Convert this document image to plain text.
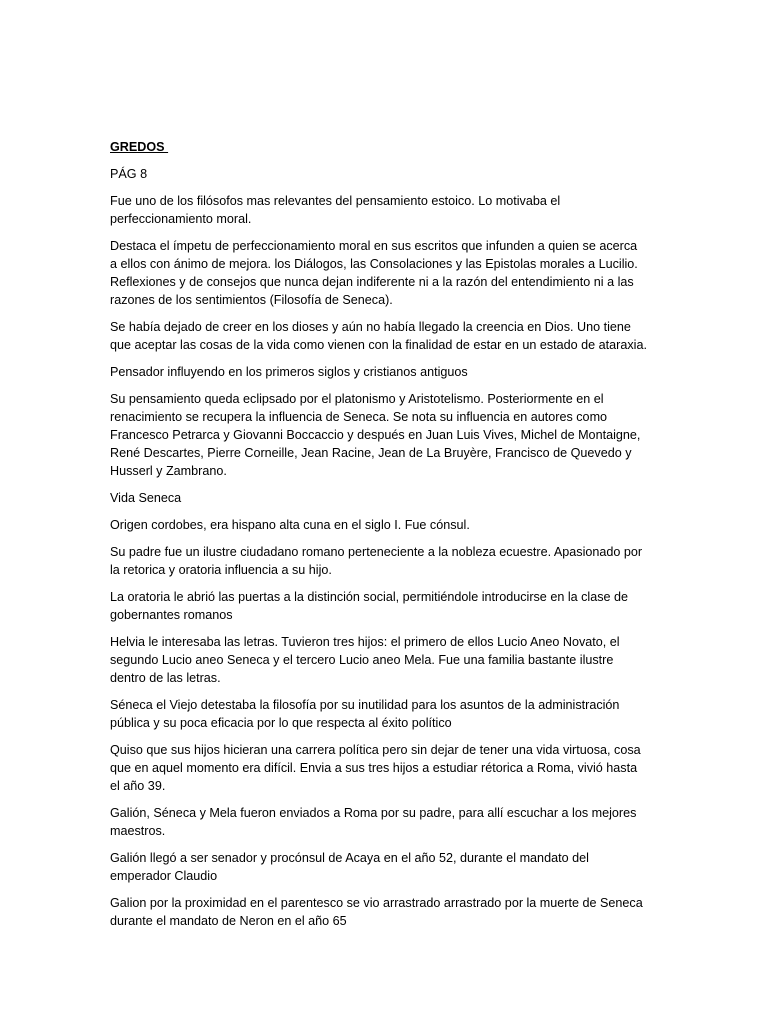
GREDOS
PÁG 8
Fue uno de los filósofos mas relevantes del pensamiento estoico. Lo motivaba el
perfeccionamiento moral.
Destaca el ímpetu de perfeccionamiento moral en sus escritos que infunden a quien se acerca
a ellos con ánimo de mejora. los Diálogos, las Consolaciones y las Epistolas morales a Lucilio.
Reflexiones y de consejos que nunca dejan indiferente ni a la razón del entendimiento ni a las
razones de los sentimientos (Filosofía de Seneca).
Se había dejado de creer en los dioses y aún no había llegado la creencia en Dios. Uno tiene
que aceptar las cosas de la vida como vienen con la finalidad de estar en un estado de ataraxia.
Pensador influyendo en los primeros siglos y cristianos antiguos
Su pensamiento queda eclipsado por el platonismo y Aristotelismo. Posteriormente en el
renacimiento se recupera la influencia de Seneca. Se nota su influencia en autores como
Francesco Petrarca y Giovanni Boccaccio y después en Juan Luis Vives, Michel de Montaigne,
René Descartes, Pierre Corneille, Jean Racine, Jean de La Bruyère, Francisco de Quevedo y
Husserl y Zambrano.
Vida Seneca
Origen cordobes, era hispano alta cuna en el siglo I. Fue cónsul.
Su padre fue un ilustre ciudadano romano perteneciente a la nobleza ecuestre. Apasionado por
la retorica y oratoria influencia a su hijo.
La oratoria le abrió las puertas a la distinción social, permitiéndole introducirse en la clase de
gobernantes romanos
Helvia le interesaba las letras. Tuvieron tres hijos: el primero de ellos Lucio Aneo Novato, el
segundo Lucio aneo Seneca y el tercero Lucio aneo Mela. Fue una familia bastante ilustre
dentro de las letras.
Séneca el Viejo detestaba la filosofía por su inutilidad para los asuntos de la administración
pública y su poca eficacia por lo que respecta al éxito político
Quiso que sus hijos hicieran una carrera política pero sin dejar de tener una vida virtuosa, cosa
que en aquel momento era difícil. Envia a sus tres hijos a estudiar rétorica a Roma, vivió hasta
el año 39.
Galión, Séneca y Mela fueron enviados a Roma por su padre, para allí escuchar a los mejores
maestros.
Galión llegó a ser senador y procónsul de Acaya en el año 52, durante el mandato del
emperador Claudio
Galion por la proximidad en el parentesco se vio arrastrado arrastrado por la muerte de Seneca
durante el mandato de Neron en el año 65
